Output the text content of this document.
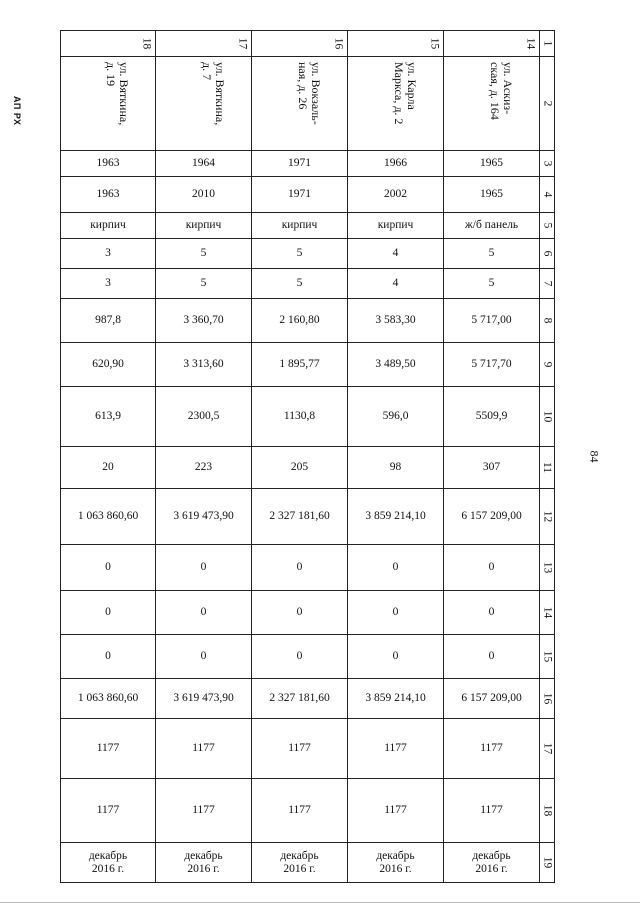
АП РХ
84
18	17	16	15	14	1

ул. Вяткина,
д. 19	ул. Вяткина,
д. 7	ул. Вокзаль-
ная, д. 26	ул. Карла
Маркса, д. 2	ул. Аскиз-
ская, д. 164	2
1963	1964	1971	1966	1965	3
1963	2010	1971	2002	1965	4
кирпич	кирпич	кирпич	кирпич	ж/б панель	5
3	5	5	4	5	6
3	5	5	4	5	7
987,8	3 360,70	2 160,80	3 583,30	5 717,00	8
620,90	3 313,60	1 895,77	3 489,50	5 717,70	9
613,9	2300,5	1130,8	596,0	5509,9	10
20	223	205	98	307	11
1 063 860,60	3 619 473,90	2 327 181,60	3 859 214,10	6 157 209,00	12
0	0	0	0	0	13
0	0	0	0	0	14
0	0	0	0	0	15
1 063 860,60	3 619 473,90	2 327 181,60	3 859 214,10	6 157 209,00	16
1177	1177	1177	1177	1177	17
1177	1177	1177	1177	1177	18
декабрь
2016 г.	декабрь
2016 г.	декабрь
2016 г.	декабрь
2016 г.	декабрь
2016 г.	19
